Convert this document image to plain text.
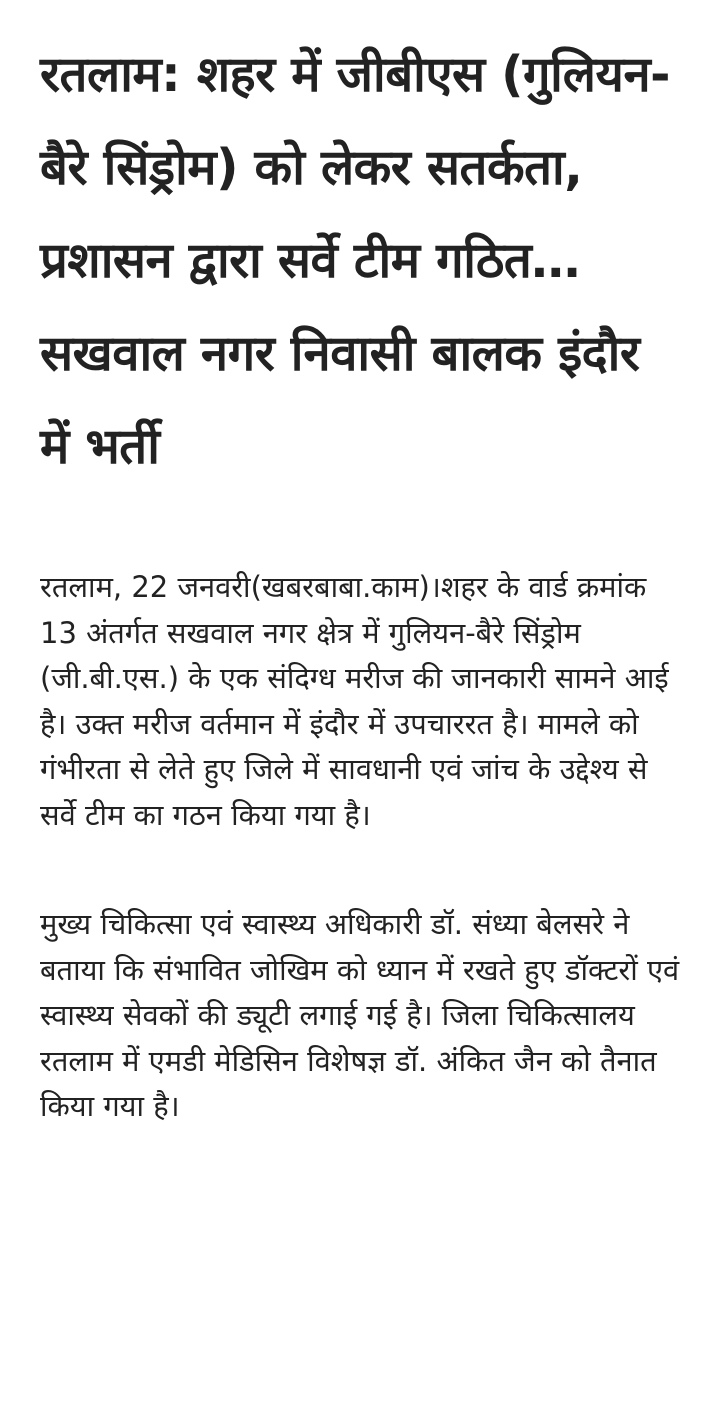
रतलाम: शहर में जीबीएस (गुलियन-बैरे सिंड्रोम) को लेकर सतर्कता, प्रशासन द्वारा सर्वे टीम गठित…सखवाल नगर निवासी बालक इंदौर में भर्ती

रतलाम, 22 जनवरी(खबरबाबा.काम)।शहर के वार्ड क्रमांक 13 अंतर्गत सखवाल नगर क्षेत्र में गुलियन-बैरे सिंड्रोम (जी.बी.एस.) के एक संदिग्ध मरीज की जानकारी सामने आई है। उक्त मरीज वर्तमान में इंदौर में उपचाररत है। मामले को गंभीरता से लेते हुए जिले में सावधानी एवं जांच के उद्देश्य से सर्वे टीम का गठन किया गया है।

मुख्य चिकित्सा एवं स्वास्थ्य अधिकारी डॉ. संध्या बेलसरे ने बताया कि संभावित जोखिम को ध्यान में रखते हुए डॉक्टरों एवं स्वास्थ्य सेवकों की ड्यूटी लगाई गई है। जिला चिकित्सालय रतलाम में एमडी मेडिसिन विशेषज्ञ डॉ. अंकित जैन को तैनात किया गया है।
